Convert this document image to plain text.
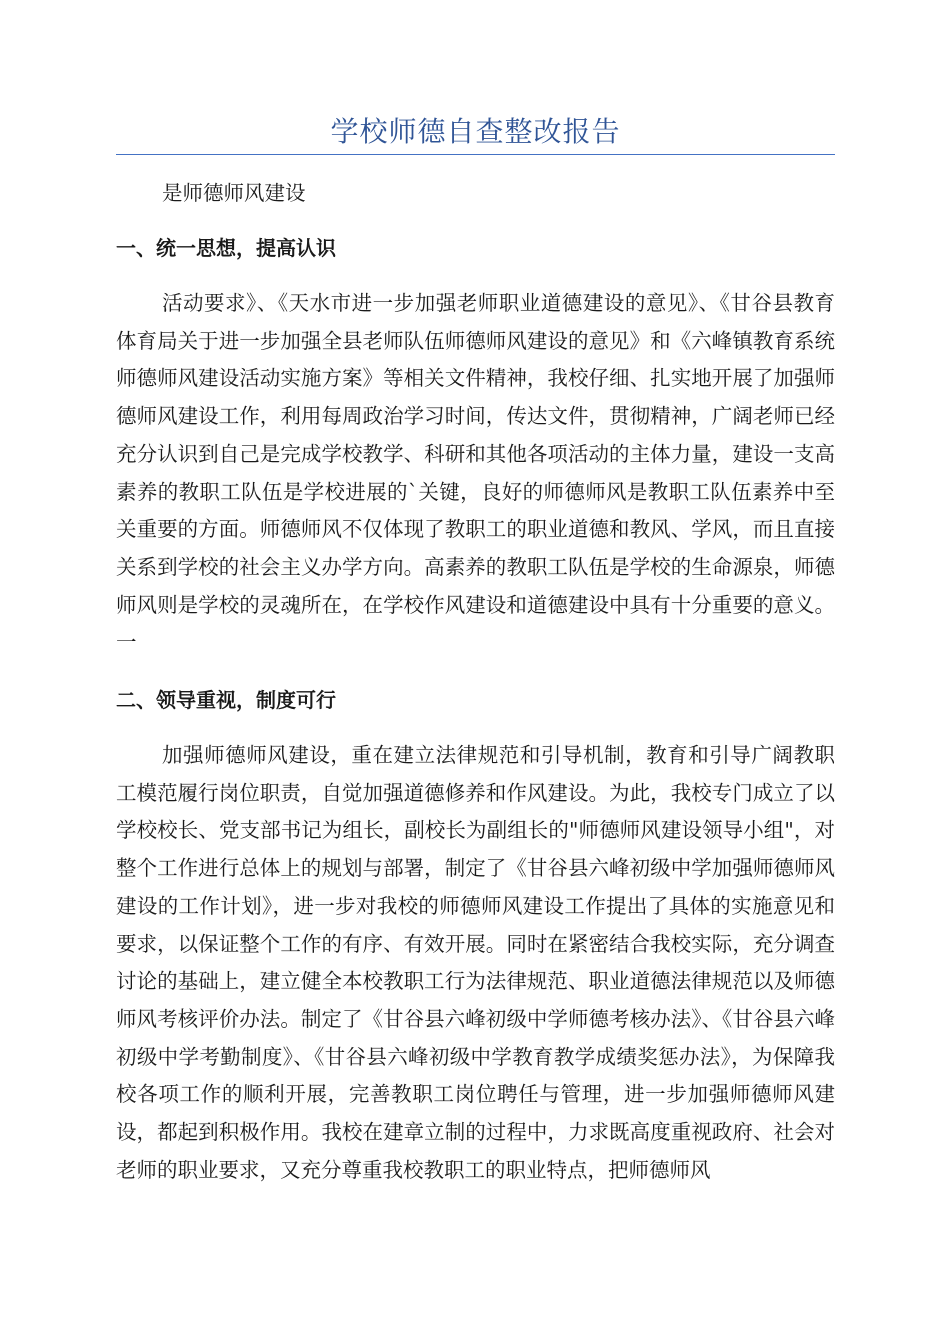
学校师德自查整改报告

是师德师风建设

一、统一思想，提高认识

活动要求》、《天水市进一步加强老师职业道德建设的意见》、《甘谷县教育体育局关于进一步加强全县老师队伍师德师风建设的意见》和《六峰镇教育系统师德师风建设活动实施方案》等相关文件精神，我校仔细、扎实地开展了加强师德师风建设工作，利用每周政治学习时间，传达文件，贯彻精神，广阔老师已经充分认识到自己是完成学校教学、科研和其他各项活动的主体力量，建设一支高素养的教职工队伍是学校进展的`关键，良好的师德师风是教职工队伍素养中至关重要的方面。师德师风不仅体现了教职工的职业道德和教风、学风，而且直接关系到学校的社会主义办学方向。高素养的教职工队伍是学校的生命源泉，师德师风则是学校的灵魂所在，在学校作风建设和道德建设中具有十分重要的意义。一

二、领导重视，制度可行

加强师德师风建设，重在建立法律规范和引导机制，教育和引导广阔教职工模范履行岗位职责，自觉加强道德修养和作风建设。为此，我校专门成立了以学校校长、党支部书记为组长，副校长为副组长的"师德师风建设领导小组"，对整个工作进行总体上的规划与部署，制定了《甘谷县六峰初级中学加强师德师风建设的工作计划》，进一步对我校的师德师风建设工作提出了具体的实施意见和要求，以保证整个工作的有序、有效开展。同时在紧密结合我校实际，充分调查讨论的基础上，建立健全本校教职工行为法律规范、职业道德法律规范以及师德师风考核评价办法。制定了《甘谷县六峰初级中学师德考核办法》、《甘谷县六峰初级中学考勤制度》、《甘谷县六峰初级中学教育教学成绩奖惩办法》，为保障我校各项工作的顺利开展，完善教职工岗位聘任与管理，进一步加强师德师风建设，都起到积极作用。我校在建章立制的过程中，力求既高度重视政府、社会对老师的职业要求，又充分尊重我校教职工的职业特点，把师德师风
